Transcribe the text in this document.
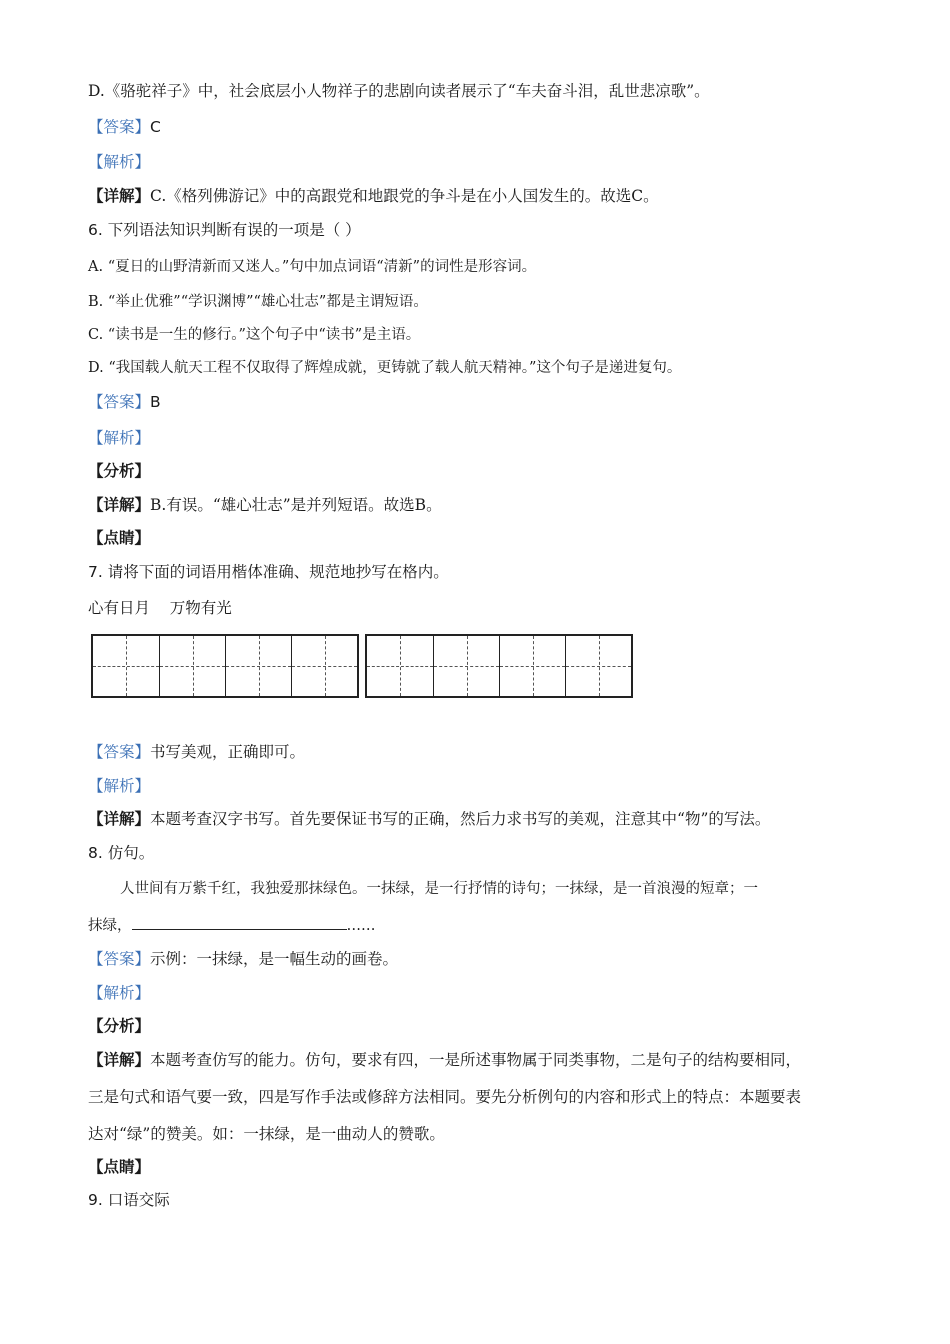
D.《骆驼祥子》中，社会底层小人物祥子的悲剧向读者展示了“车夫奋斗泪，乱世悲凉歌”。
【答案】C
【解析】
【详解】C.《格列佛游记》中的高跟党和地跟党的争斗是在小人国发生的。故选C。
6. 下列语法知识判断有误的一项是（ ）
A. “夏日的山野清新而又迷人。”句中加点词语“清新”的词性是形容词。
B. “举止优雅”“学识渊博”“雄心壮志”都是主谓短语。
C. “读书是一生的修行。”这个句子中“读书”是主语。
D. “我国载人航天工程不仅取得了辉煌成就，更铸就了载人航天精神。”这个句子是递进复句。
【答案】B
【解析】
【分析】
【详解】B.有误。“雄心壮志”是并列短语。故选B。
【点睛】
7. 请将下面的词语用楷体准确、规范地抄写在格内。
心有日月    万物有光
【答案】书写美观，正确即可。
【解析】
【详解】本题考查汉字书写。首先要保证书写的正确，然后力求书写的美观，注意其中“物”的写法。
8. 仿句。
人世间有万紫千红，我独爱那抹绿色。一抹绿，是一行抒情的诗句；一抹绿，是一首浪漫的短章；一
抹绿，	……
【答案】示例：一抹绿，是一幅生动的画卷。
【解析】
【分析】
【详解】本题考查仿写的能力。仿句，要求有四，一是所述事物属于同类事物，二是句子的结构要相同，
三是句式和语气要一致，四是写作手法或修辞方法相同。要先分析例句的内容和形式上的特点：本题要表
达对“绿”的赞美。如：一抹绿，是一曲动人的赞歌。
【点睛】
9. 口语交际
